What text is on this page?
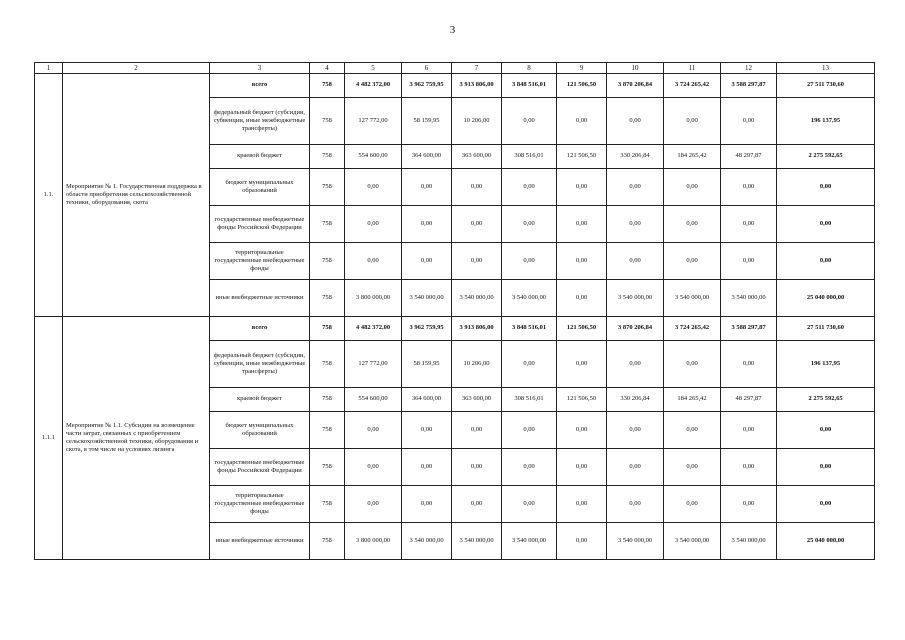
3
1	2	3	4	5	6	7	8	9	10	11	12	13
1.1.	Мероприятие № 1. Государственная поддержка в области приобретения сельскохозяйственной техники, оборудования, скота	всего	758	4 482 372,00	3 962 759,95	3 913 806,00	3 848 516,01	121 506,50	3 870 206,84	3 724 265,42	3 588 297,87	27 511 730,60
		федеральный бюджет (субсидии, субвенции, иные межбюджетные трансферты)	758	127 772,00	58 159,95	10 206,00	0,00	0,00	0,00	0,00	0,00	196 137,95
		краевой бюджет	758	554 600,00	364 600,00	363 600,00	308 516,01	121 506,50	330 206,84	184 265,42	48 297,87	2 275 592,65
		бюджет муниципальных образований	758	0,00	0,00	0,00	0,00	0,00	0,00	0,00	0,00	0,00
		государственные внебюджетные фонды Российской Федерации	758	0,00	0,00	0,00	0,00	0,00	0,00	0,00	0,00	0,00
		территориальные государственные внебюджетные фонды	758	0,00	0,00	0,00	0,00	0,00	0,00	0,00	0,00	0,00
		иные внебюджетные источники	758	3 800 000,00	3 540 000,00	3 540 000,00	3 540 000,00	0,00	3 540 000,00	3 540 000,00	3 540 000,00	25 040 000,00
1.1.1	Мероприятие № 1.1. Субсидии на возмещение части затрат, связанных с приобретением сельскохозяйственной техники, оборудования и скота, в том числе на условиях лизинга	всего	758	4 482 372,00	3 962 759,95	3 913 806,00	3 848 516,01	121 506,50	3 870 206,84	3 724 265,42	3 588 297,87	27 511 730,60
		федеральный бюджет (субсидии, субвенции, иные межбюджетные трансферты)	758	127 772,00	58 159,95	10 206,00	0,00	0,00	0,00	0,00	0,00	196 137,95
		краевой бюджет	758	554 600,00	364 600,00	363 600,00	308 516,01	121 506,50	330 206,84	184 265,42	48 297,87	2 275 592,65
		бюджет муниципальных образований	758	0,00	0,00	0,00	0,00	0,00	0,00	0,00	0,00	0,00
		государственные внебюджетные фонды Российской Федерации	758	0,00	0,00	0,00	0,00	0,00	0,00	0,00	0,00	0,00
		территориальные государственные внебюджетные фонды	758	0,00	0,00	0,00	0,00	0,00	0,00	0,00	0,00	0,00
		иные внебюджетные источники	758	3 800 000,00	3 540 000,00	3 540 000,00	3 540 000,00	0,00	3 540 000,00	3 540 000,00	3 540 000,00	25 040 000,00
